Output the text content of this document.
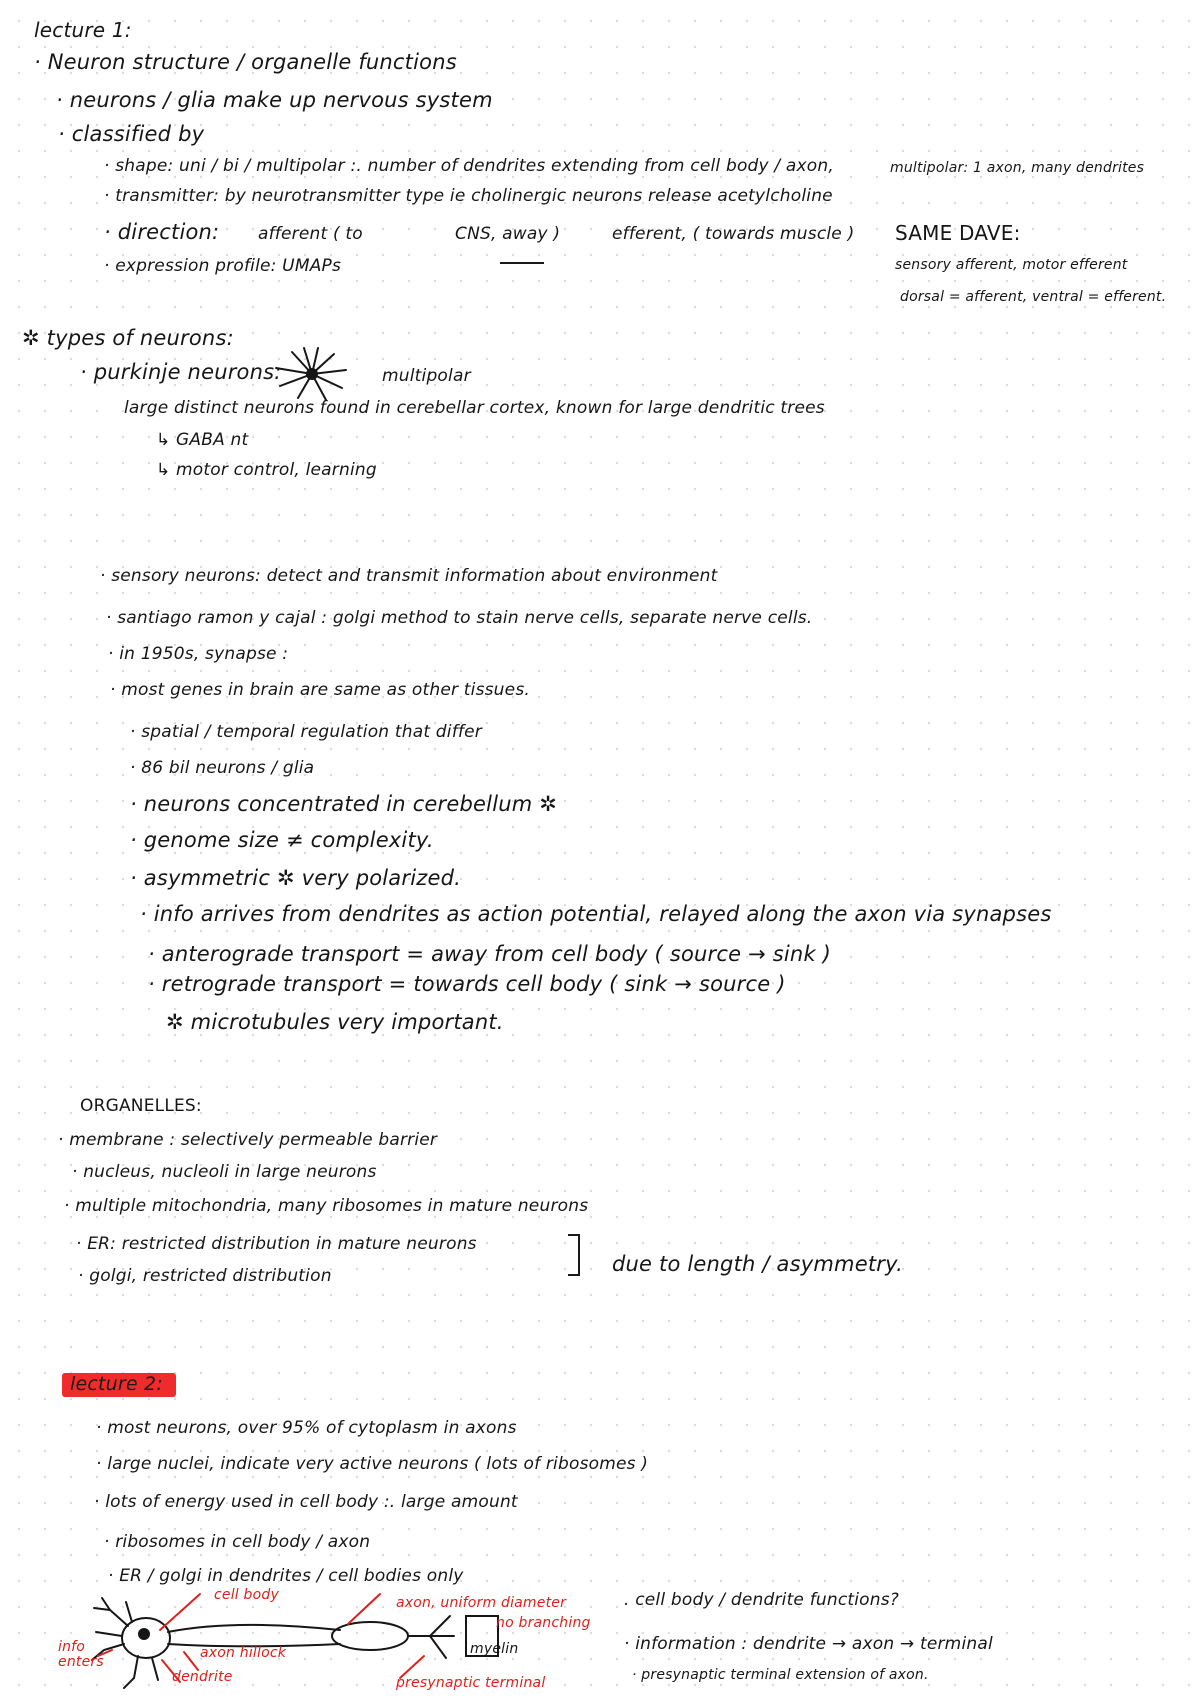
lecture 1:
· Neuron structure / organelle functions
· neurons / glia make up nervous system
· classified by
· shape: uni / bi / multipolar :. number of dendrites extending from cell body / axon,	multipolar: 1 axon, many dendrites
· transmitter: by neurotransmitter type ie cholinergic neurons release acetylcholine
· direction: afferent ( to	CNS, away )	efferent, ( towards muscle ) SAME DAVE:
· expression profile: UMAPs	sensory afferent, motor efferent
dorsal = afferent, ventral = efferent.
✲ types of neurons:
· purkinje neurons:	multipolar
large distinct neurons found in cerebellar cortex, known for large dendritic trees
↳ GABA nt
↳ motor control, learning
· sensory neurons: detect and transmit information about environment
· santiago ramon y cajal : golgi method to stain nerve cells, separate nerve cells.
· in 1950s, synapse :
· most genes in brain are same as other tissues.
· spatial / temporal regulation that differ
· 86 bil neurons / glia
· neurons concentrated in cerebellum ✲
· genome size ≠ complexity.
· asymmetric ✲ very polarized.
· info arrives from dendrites as action potential, relayed along the axon via synapses
· anterograde transport = away from cell body ( source → sink )
· retrograde transport = towards cell body ( sink → source )
✲ microtubules very important.
ORGANELLES:
· membrane : selectively permeable barrier
· nucleus, nucleoli in large neurons
· multiple mitochondria, many ribosomes in mature neurons
· ER: restricted distribution in mature neurons
· golgi, restricted distribution	due to length / asymmetry.
lecture 2:
· most neurons, over 95% of cytoplasm in axons
· large nuclei, indicate very active neurons ( lots of ribosomes )
· lots of energy used in cell body :. large amount
· ribosomes in cell body / axon
· ER / golgi in dendrites / cell bodies only
cell body	axon, uniform diameter
no branching
info enters
axon hillock
dendrite
myelin
presynaptic terminal
. cell body / dendrite functions?
· information : dendrite → axon → terminal
· presynaptic terminal extension of axon.
